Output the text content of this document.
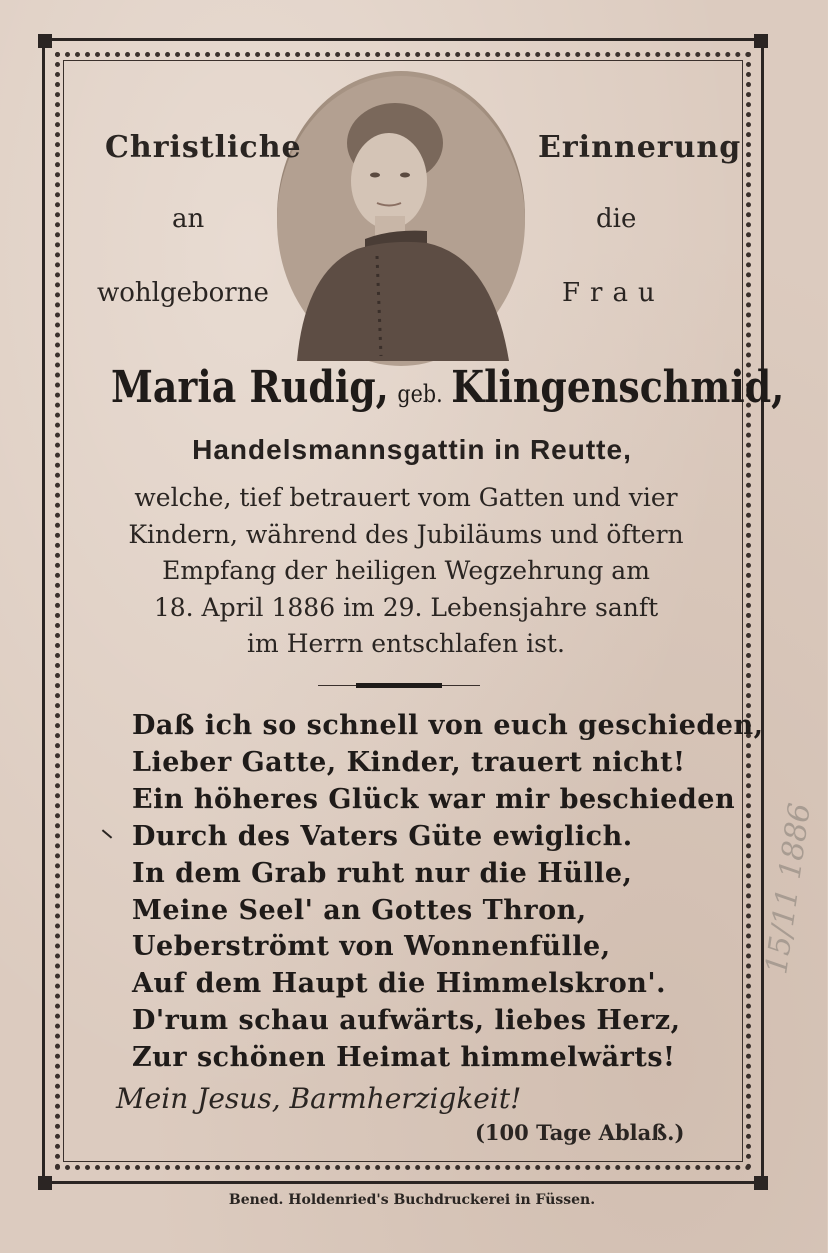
Christliche	Erinnerung
an	die
wohlgeborne	Frau
Maria Rudig, geb. Klingenschmid,
Handelsmannsgattin in Reutte,
welche, tief betrauert vom Gatten und vier
Kindern, während des Jubiläums und öftern
Empfang der heiligen Wegzehrung am
18. April 1886 im 29. Lebensjahre sanft
im Herrn entschlafen ist.
Daß ich so schnell von euch geschieden,
Lieber Gatte, Kinder, trauert nicht!
Ein höheres Glück war mir beschieden
Durch des Vaters Güte ewiglich.
In dem Grab ruht nur die Hülle,
Meine Seel' an Gottes Thron,
Ueberströmt von Wonnenfülle,
Auf dem Haupt die Himmelskron'.
D'rum schau aufwärts, liebes Herz,
Zur schönen Heimat himmelwärts!
Mein Jesus, Barmherzigkeit!
(100 Tage Ablaß.)
Bened. Holdenried's Buchdruckerei in Füssen.
15/11 1886
